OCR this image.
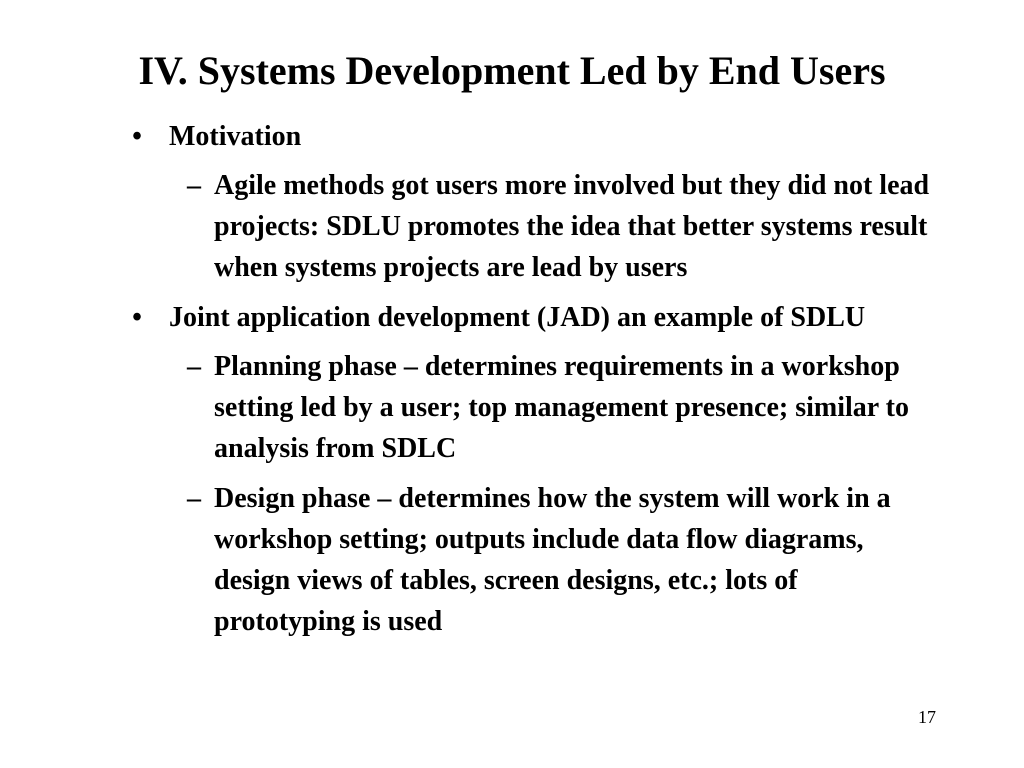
IV. Systems Development Led by End Users
• Motivation
– Agile methods got users more involved but they did not lead projects: SDLU promotes the idea that better systems result when systems projects are lead by users
• Joint application development (JAD) an example of SDLU
– Planning phase – determines requirements in a workshop setting led by a user; top management presence; similar to analysis from SDLC
– Design phase – determines how the system will work in a workshop setting; outputs include data flow diagrams, design views of tables, screen designs, etc.; lots of prototyping is used
17
